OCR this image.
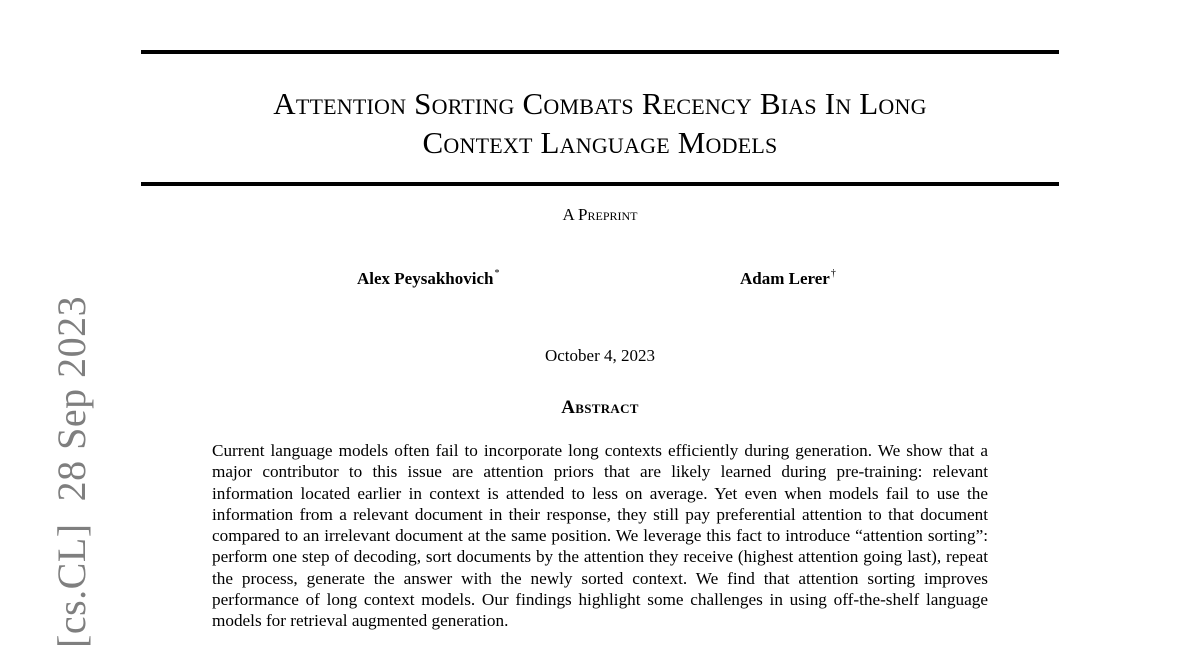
Attention Sorting Combats Recency Bias In Long
Context Language Models
A Preprint
Alex Peysakhovich*	Adam Lerer†
October 4, 2023
Abstract
Current language models often fail to incorporate long contexts efficiently during generation. We show that a major contributor to this issue are attention priors that are likely learned during pre-training: relevant information located earlier in context is attended to less on average. Yet even when models fail to use the information from a relevant document in their response, they still pay preferential attention to that document compared to an irrelevant document at the same position. We leverage this fact to introduce “attention sorting”: perform one step of decoding, sort documents by the attention they receive (highest attention going last), repeat the process, generate the answer with the newly sorted context. We find that attention sorting improves performance of long context models. Our findings highlight some challenges in using off-the-shelf language models for retrieval augmented generation.
[cs.CL]28 Sep 2023
